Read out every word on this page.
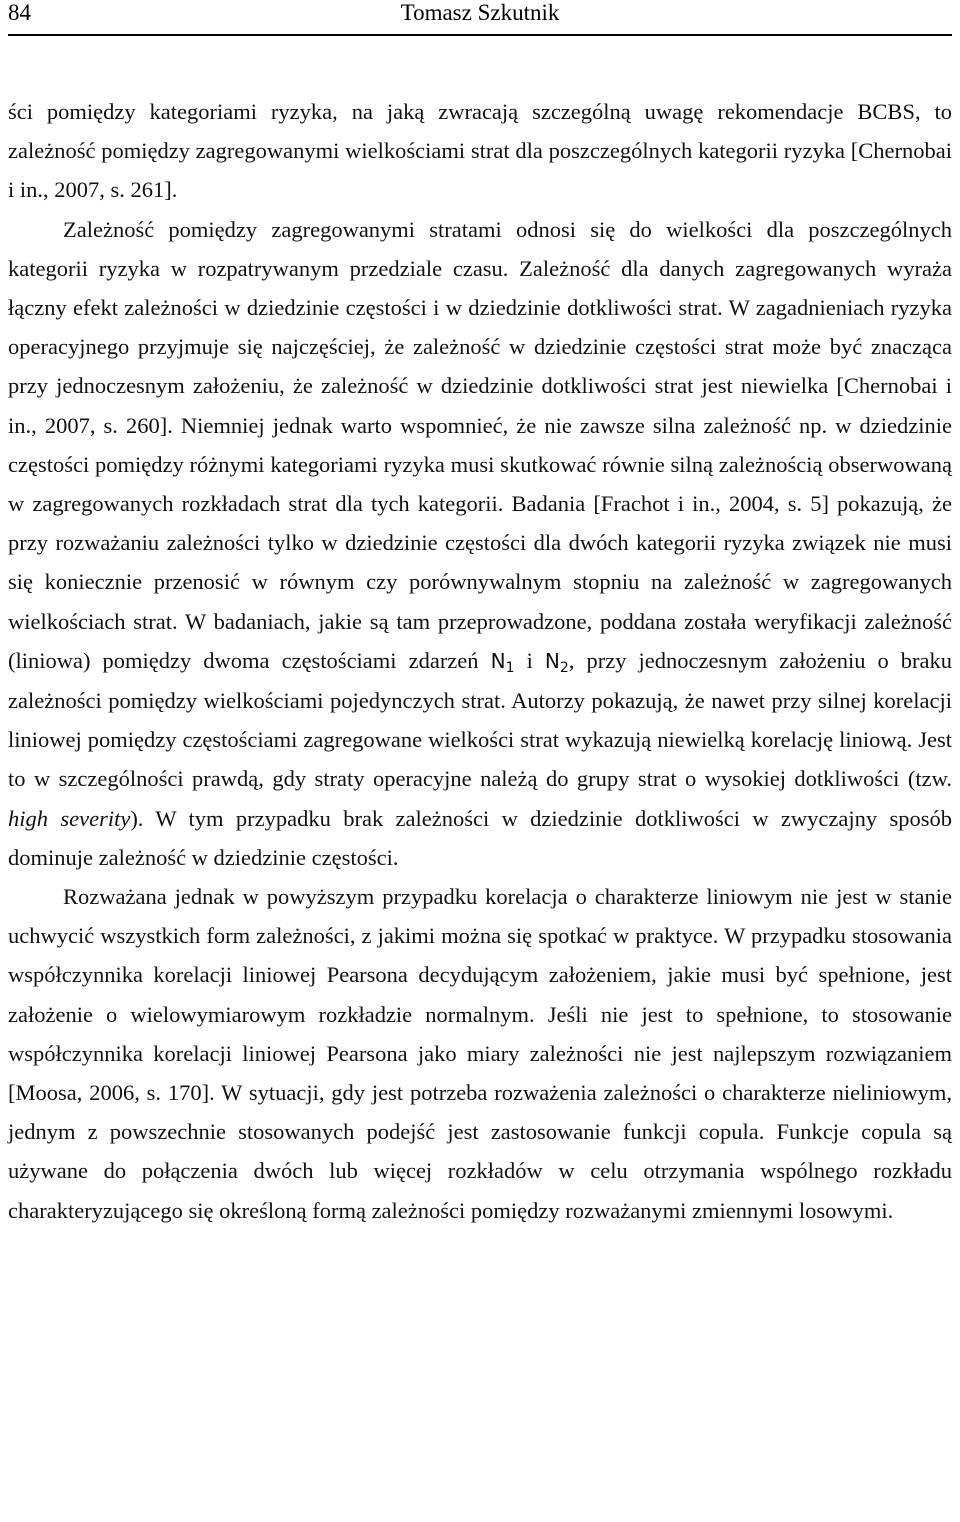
84	Tomasz Szkutnik

ści pomiędzy kategoriami ryzyka, na jaką zwracają szczególną uwagę rekomendacje BCBS, to zależność pomiędzy zagregowanymi wielkościami strat dla poszczególnych kategorii ryzyka [Chernobai i in., 2007, s. 261].

Zależność pomiędzy zagregowanymi stratami odnosi się do wielkości dla poszczególnych kategorii ryzyka w rozpatrywanym przedziale czasu. Zależność dla danych zagregowanych wyraża łączny efekt zależności w dziedzinie częstości i w dziedzinie dotkliwości strat. W zagadnieniach ryzyka operacyjnego przyjmuje się najczęściej, że zależność w dziedzinie częstości strat może być znacząca przy jednoczesnym założeniu, że zależność w dziedzinie dotkliwości strat jest niewielka [Chernobai i in., 2007, s. 260]. Niemniej jednak warto wspomnieć, że nie zawsze silna zależność np. w dziedzinie częstości pomiędzy różnymi kategoriami ryzyka musi skutkować równie silną zależnością obserwowaną w zagregowanych rozkładach strat dla tych kategorii. Badania [Frachot i in., 2004, s. 5] pokazują, że przy rozważaniu zależności tylko w dziedzinie częstości dla dwóch kategorii ryzyka związek nie musi się koniecznie przenosić w równym czy porównywalnym stopniu na zależność w zagregowanych wielkościach strat. W badaniach, jakie są tam przeprowadzone, poddana została weryfikacji zależność (liniowa) pomiędzy dwoma częstościami zdarzeń $N_1$ i $N_2$, przy jednoczesnym założeniu o braku zależności pomiędzy wielkościami pojedynczych strat. Autorzy pokazują, że nawet przy silnej korelacji liniowej pomiędzy częstościami zagregowane wielkości strat wykazują niewielką korelację liniową. Jest to w szczególności prawdą, gdy straty operacyjne należą do grupy strat o wysokiej dotkliwości (tzw. high severity). W tym przypadku brak zależności w dziedzinie dotkliwości w zwyczajny sposób dominuje zależność w dziedzinie częstości.

Rozważana jednak w powyższym przypadku korelacja o charakterze liniowym nie jest w stanie uchwycić wszystkich form zależności, z jakimi można się spotkać w praktyce. W przypadku stosowania współczynnika korelacji liniowej Pearsona decydującym założeniem, jakie musi być spełnione, jest założenie o wielowymiarowym rozkładzie normalnym. Jeśli nie jest to spełnione, to stosowanie współczynnika korelacji liniowej Pearsona jako miary zależności nie jest najlepszym rozwiązaniem [Moosa, 2006, s. 170]. W sytuacji, gdy jest potrzeba rozważenia zależności o charakterze nieliniowym, jednym z powszechnie stosowanych podejść jest zastosowanie funkcji copula. Funkcje copula są używane do połączenia dwóch lub więcej rozkładów w celu otrzymania wspólnego rozkładu charakteryzującego się określoną formą zależności pomiędzy rozważanymi zmiennymi losowymi.
